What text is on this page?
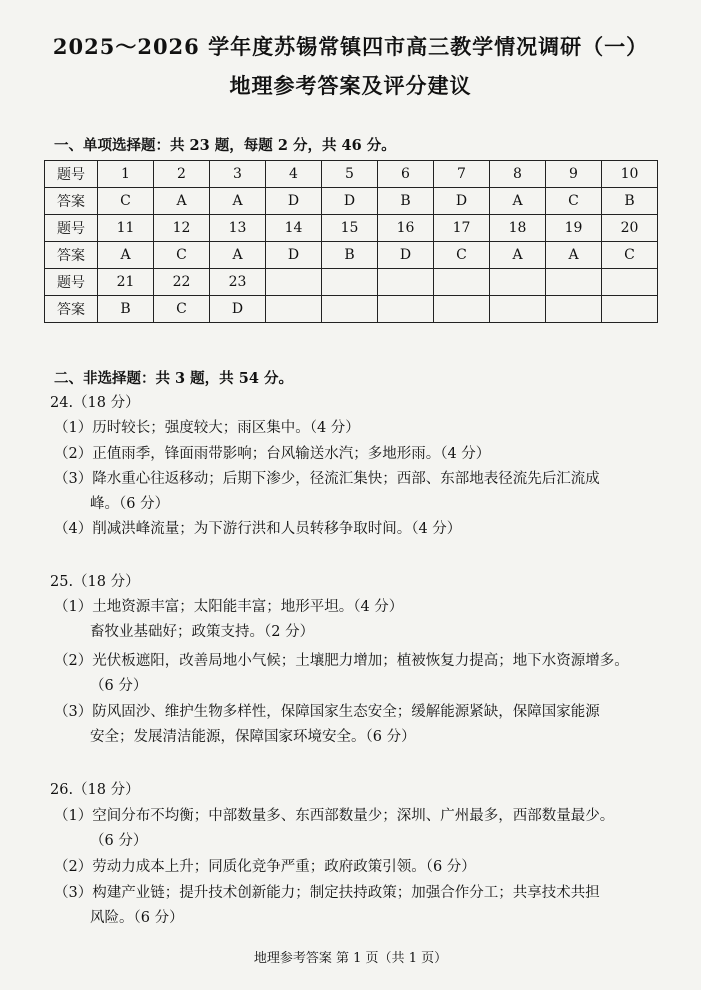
2025～2026 学年度苏锡常镇四市高三教学情况调研（一）
地理参考答案及评分建议
一、单项选择题：共 23 题，每题 2 分，共 46 分。
题号	1	2	3	4	5	6	7	8	9	10
答案	C	A	A	D	D	B	D	A	C	B
题号	11	12	13	14	15	16	17	18	19	20
答案	A	C	A	D	B	D	C	A	A	C
题号	21	22	23							
答案	B	C	D							
二、非选择题：共 3 题，共 54 分。
24.（18 分）
（1）历时较长；强度较大；雨区集中。（4 分）
（2）正值雨季，锋面雨带影响；台风输送水汽；多地形雨。（4 分）
（3）降水重心往返移动；后期下渗少，径流汇集快；西部、东部地表径流先后汇流成
峰。（6 分）
（4）削减洪峰流量；为下游行洪和人员转移争取时间。（4 分）
25.（18 分）
（1）土地资源丰富；太阳能丰富；地形平坦。（4 分）
畜牧业基础好；政策支持。（2 分）
（2）光伏板遮阳，改善局地小气候；土壤肥力增加；植被恢复力提高；地下水资源增多。
（6 分）
（3）防风固沙、维护生物多样性，保障国家生态安全；缓解能源紧缺，保障国家能源
安全；发展清洁能源，保障国家环境安全。（6 分）
26.（18 分）
（1）空间分布不均衡；中部数量多、东西部数量少；深圳、广州最多，西部数量最少。
（6 分）
（2）劳动力成本上升；同质化竞争严重；政府政策引领。（6 分）
（3）构建产业链；提升技术创新能力；制定扶持政策；加强合作分工；共享技术共担
风险。（6 分）
地理参考答案 第 1 页（共 1 页）
